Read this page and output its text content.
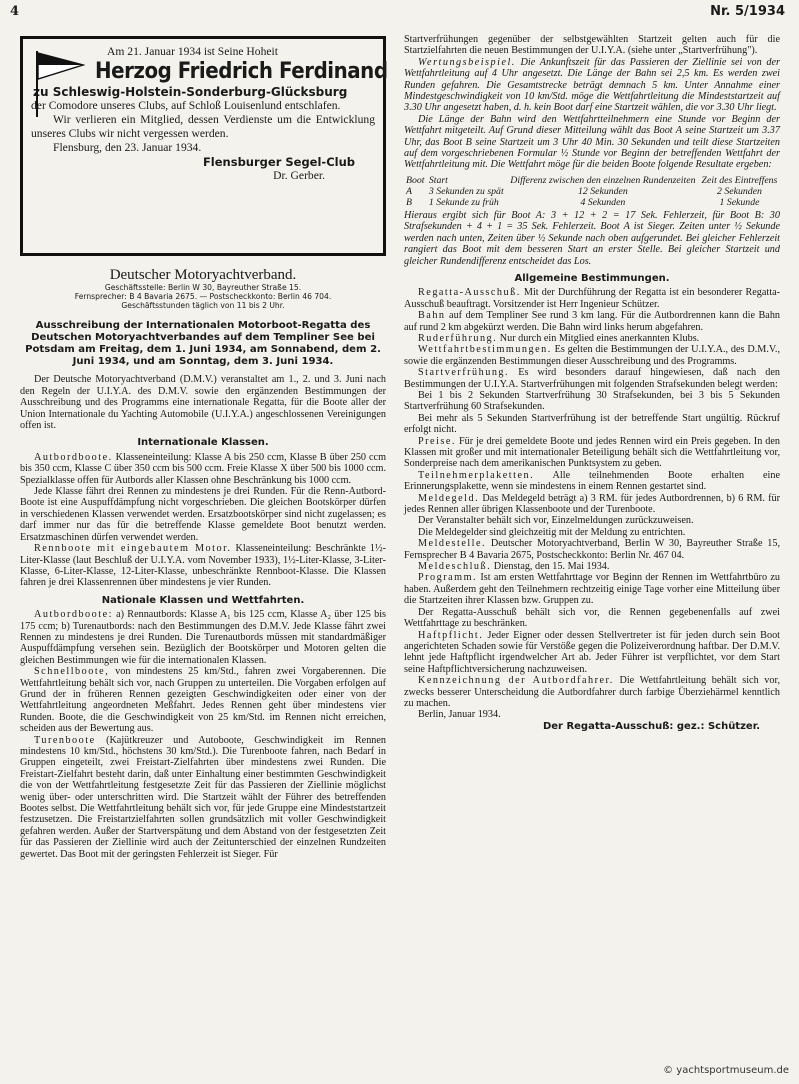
4	Nr. 5/1934

Am 21. Januar 1934 ist Seine Hoheit

Herzog Friedrich Ferdinand

zu Schleswig-Holstein-Sonderburg-Glücksburg

der Comodore unseres Clubs, auf Schloß Louisenlund entschlafen.

Wir verlieren ein Mitglied, dessen Verdienste um die Entwicklung unseres Clubs wir nicht vergessen werden.

Flensburg, den 23. Januar 1934.

Flensburger Segel-Club

Dr. Gerber.

Deutscher Motoryachtverband.

Geschäftsstelle: Berlin W 30, Bayreuther Straße 15.

Fernsprecher: B 4 Bavaria 2675. — Postscheckkonto: Berlin 46 704.

Geschäftsstunden täglich von 11 bis 2 Uhr.

Ausschreibung der Internationalen Motorboot-Regatta des Deutschen Motoryachtverbandes auf dem Templiner See bei Potsdam am Freitag, dem 1. Juni 1934, am Sonnabend, dem 2. Juni 1934, und am Sonntag, dem 3. Juni 1934.

Der Deutsche Motoryachtverband (D.M.V.) veranstaltet am 1., 2. und 3. Juni nach den Regeln der U.I.Y.A. des D.M.V. sowie den ergänzenden Bestimmungen der Ausschreibung und des Programms eine internationale Regatta, für die Boote aller der Union Internationale du Yachting Automobile (U.I.Y.A.) angeschlossenen Vereinigungen offen ist.

Internationale Klassen.

Autbordboote. Klasseneinteilung: Klasse A bis 250 ccm, Klasse B über 250 ccm bis 350 ccm, Klasse C über 350 ccm bis 500 ccm. Freie Klasse X über 500 bis 1000 ccm. Spezialklasse offen für Autbords aller Klassen ohne Beschränkung bis 1000 ccm.

Jede Klasse fährt drei Rennen zu mindestens je drei Runden. Für die Renn-Autbord-Boote ist eine Auspuffdämpfung nicht vorgeschrieben. Die gleichen Bootskörper dürfen in verschiedenen Klassen verwendet werden. Ersatzbootskörper sind nicht zugelassen; es darf immer nur das für die betreffende Klasse gemeldete Boot benutzt werden. Ersatzmaschinen dürfen verwendet werden.

Rennboote mit eingebautem Motor. Klasseneinteilung: Beschränkte 1½-Liter-Klasse (laut Beschluß der U.I.Y.A. vom November 1933), 1½-Liter-Klasse, 3-Liter-Klasse, 6-Liter-Klasse, 12-Liter-Klasse, unbeschränkte Rennboot-Klasse. Die Klassen fahren je drei Klassenrennen über mindestens je vier Runden.

Nationale Klassen und Wettfahrten.

Autbordboote: a) Rennautbords: Klasse A₁ bis 125 ccm, Klasse A₂ über 125 bis 175 ccm; b) Turenautbords: nach den Bestimmungen des D.M.V. Jede Klasse fährt zwei Rennen zu mindestens je drei Runden. Die Turenautbords müssen mit standardmäßiger Auspuffdämpfung versehen sein. Bezüglich der Bootskörper und Motoren gelten die gleichen Bestimmungen wie für die internationalen Klassen.

Schnellboote, von mindestens 25 km/Std., fahren zwei Vorgaberennen. Die Wettfahrtleitung behält sich vor, nach Gruppen zu unterteilen. Die Vorgaben erfolgen auf Grund der in früheren Rennen gezeigten Geschwindigkeiten oder einer von der Wettfahrtleitung angeordneten Meßfahrt. Jedes Rennen geht über mindestens vier Runden. Boote, die die Geschwindigkeit von 25 km/Std. im Rennen nicht erreichen, scheiden aus der Bewertung aus.

Turenboote (Kajütkreuzer und Autoboote, Geschwindigkeit im Rennen mindestens 10 km/Std., höchstens 30 km/Std.). Die Turenboote fahren, nach Bedarf in Gruppen eingeteilt, zwei Freistart-Zielfahrten über mindestens zwei Runden. Die Freistart-Zielfahrt besteht darin, daß unter Einhaltung einer bestimmten Geschwindigkeit die von der Wettfahrtleitung festgesetzte Zeit für das Passieren der Ziellinie möglichst wenig über- oder unterschritten wird. Die Startzeit wählt der Führer des betreffenden Bootes selbst. Die Wettfahrtleitung behält sich vor, für jede Gruppe eine Mindeststartzeit festzusetzen. Die Freistartzielfahrten sollen grundsätzlich mit voller Geschwindigkeit gefahren werden. Außer der Startverspätung und dem Abstand von der festgesetzten Zeit für das Passieren der Ziellinie wird auch der Zeitunterschied der einzelnen Rundzeiten gewertet. Das Boot mit der geringsten Fehlerzeit ist Sieger. Für

Startverfrühungen gegenüber der selbstgewählten Startzeit gelten auch für die Startzielfahrten die neuen Bestimmungen der U.I.Y.A. (siehe unter „Startverfrühung").

Wertungsbeispiel. Die Ankunftszeit für das Passieren der Ziellinie sei von der Wettfahrtleitung auf 4 Uhr angesetzt. Die Länge der Bahn sei 2,5 km. Es werden zwei Runden gefahren. Die Gesamtstrecke beträgt demnach 5 km. Unter Annahme einer Mindestgeschwindigkeit von 10 km/Std. möge die Wettfahrtleitung die Mindeststartzeit auf 3.30 Uhr angesetzt haben, d. h. kein Boot darf eine Startzeit wählen, die vor 3.30 Uhr liegt.

Die Länge der Bahn wird den Wettfahrtteilnehmern eine Stunde vor Beginn der Wettfahrt mitgeteilt. Auf Grund dieser Mitteilung wählt das Boot A seine Startzeit um 3.37 Uhr, das Boot B seine Startzeit um 3 Uhr 40 Min. 30 Sekunden und teilt diese Startzeiten auf dem vorgeschriebenen Formular ½ Stunde vor Beginn der betreffenden Wettfahrt der Wettfahrtleitung mit. Die Wettfahrt möge für die beiden Boote folgende Resultate ergeben:

Boot	Start	Differenz zwischen den einzelnen Rundenzeiten	Zeit des Eintreffens
A	3 Sekunden zu spät	12 Sekunden	2 Sekunden
B	1 Sekunde zu früh	4 Sekunden	1 Sekunde

Hieraus ergibt sich für Boot A: 3 + 12 + 2 = 17 Sek. Fehlerzeit, für Boot B: 30 Strafsekunden + 4 + 1 = 35 Sek. Fehlerzeit. Boot A ist Sieger. Zeiten unter ½ Sekunde werden nach unten, Zeiten über ½ Sekunde nach oben aufgerundet. Bei gleicher Fehlerzeit rangiert das Boot mit dem besseren Start an erster Stelle. Bei gleicher Startzeit und gleicher Rundendifferenz entscheidet das Los.

Allgemeine Bestimmungen.

Regatta-Ausschuß. Mit der Durchführung der Regatta ist ein besonderer Regatta-Ausschuß beauftragt. Vorsitzender ist Herr Ingenieur Schützer.

Bahn auf dem Templiner See rund 3 km lang. Für die Autbordrennen kann die Bahn auf rund 2 km abgekürzt werden. Die Bahn wird links herum abgefahren.

Ruderführung. Nur durch ein Mitglied eines anerkannten Klubs.

Wettfahrtbestimmungen. Es gelten die Bestimmungen der U.I.Y.A., des D.M.V., sowie die ergänzenden Bestimmungen dieser Ausschreibung und des Programms.

Startverfrühung. Es wird besonders darauf hingewiesen, daß nach den Bestimmungen der U.I.Y.A. Startverfrühungen mit folgenden Strafsekunden belegt werden:

Bei 1 bis 2 Sekunden Startverfrühung 30 Strafsekunden, bei 3 bis 5 Sekunden Startverfrühung 60 Strafsekunden.

Bei mehr als 5 Sekunden Startverfrühung ist der betreffende Start ungültig. Rückruf erfolgt nicht.

Preise. Für je drei gemeldete Boote und jedes Rennen wird ein Preis gegeben. In den Klassen mit großer und mit internationaler Beteiligung behält sich die Wettfahrtleitung vor, Sonderpreise nach dem amerikanischen Punktsystem zu geben.

Teilnehmerplaketten. Alle teilnehmenden Boote erhalten eine Erinnerungsplakette, wenn sie mindestens in einem Rennen gestartet sind.

Meldegeld. Das Meldegeld beträgt a) 3 RM. für jedes Autbordrennen, b) 6 RM. für jedes Rennen aller übrigen Klassenboote und der Turenboote.

Der Veranstalter behält sich vor, Einzelmeldungen zurückzuweisen.

Die Meldegelder sind gleichzeitig mit der Meldung zu entrichten.

Meldestelle. Deutscher Motoryachtverband, Berlin W 30, Bayreuther Straße 15, Fernsprecher B 4 Bavaria 2675, Postscheckkonto: Berlin Nr. 467 04.

Meldeschluß. Dienstag, den 15. Mai 1934.

Programm. Ist am ersten Wettfahrttage vor Beginn der Rennen im Wettfahrtbüro zu haben. Außerdem geht den Teilnehmern rechtzeitig einige Tage vorher eine Mitteilung über die Startzeiten ihrer Klassen bzw. Gruppen zu.

Der Regatta-Ausschuß behält sich vor, die Rennen gegebenenfalls auf zwei Wettfahrttage zu beschränken.

Haftpflicht. Jeder Eigner oder dessen Stellvertreter ist für jeden durch sein Boot angerichteten Schaden sowie für Verstöße gegen die Polizeiverordnung haftbar. Der D.M.V. lehnt jede Haftpflicht irgendwelcher Art ab. Jeder Führer ist verpflichtet, vor dem Start seine Haftpflichtversicherung nachzuweisen.

Kennzeichnung der Autbordfahrer. Die Wettfahrtleitung behält sich vor, zwecks besserer Unterscheidung die Autbordfahrer durch farbige Überziehärmel kenntlich zu machen.

Berlin, Januar 1934.

Der Regatta-Ausschuß: gez.: Schützer.

© yachtsportmuseum.de
